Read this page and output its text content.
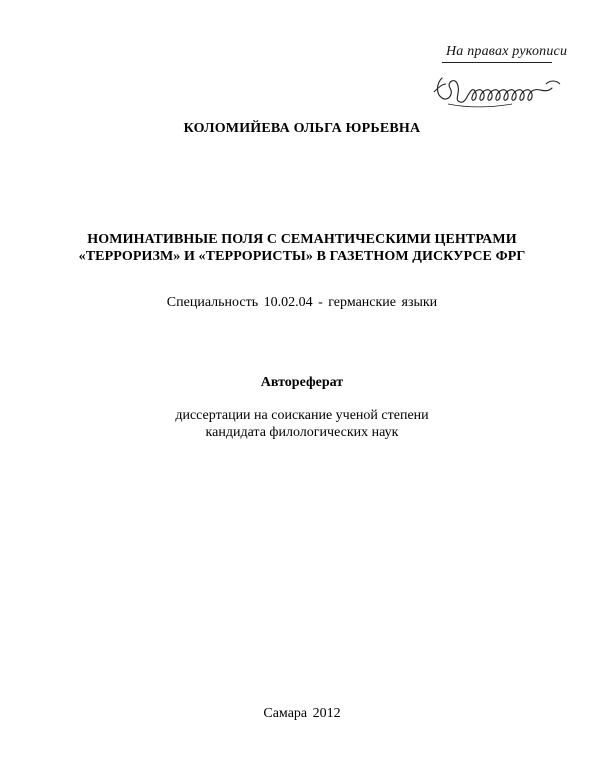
На правах рукописи
КОЛОМИЙЕВА ОЛЬГА ЮРЬЕВНА
НОМИНАТИВНЫЕ ПОЛЯ С СЕМАНТИЧЕСКИМИ ЦЕНТРАМИ
«ТЕРРОРИЗМ» И «ТЕРРОРИСТЫ» В ГАЗЕТНОМ ДИСКУРСЕ ФРГ
Специальность 10.02.04 - германские языки
Автореферат
диссертации на соискание ученой степени
кандидата филологических наук
Самара 2012
